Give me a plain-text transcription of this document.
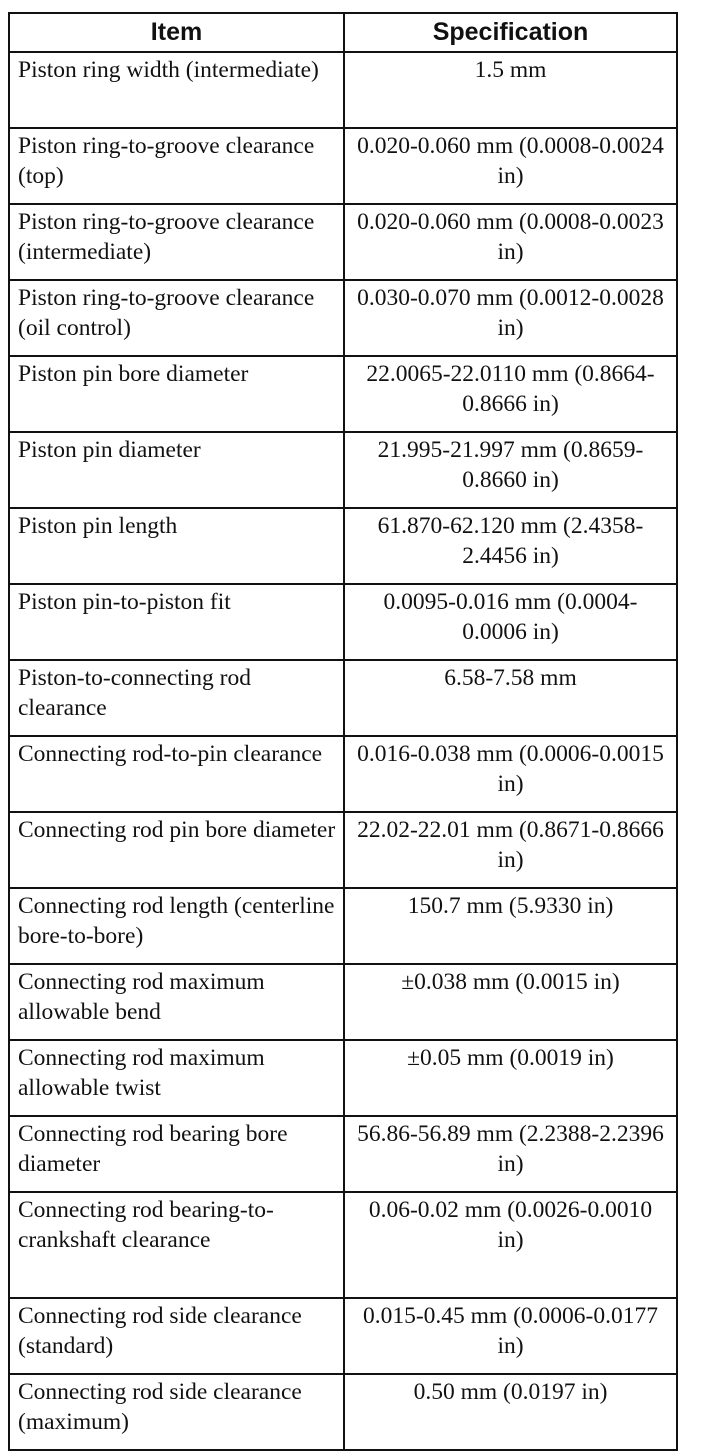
Item	Specification
Piston ring width (intermediate)	1.5 mm
Piston ring-to-groove clearance (top)	0.020-0.060 mm (0.0008-0.0024 in)
Piston ring-to-groove clearance (intermediate)	0.020-0.060 mm (0.0008-0.0023 in)
Piston ring-to-groove clearance (oil control)	0.030-0.070 mm (0.0012-0.0028 in)
Piston pin bore diameter	22.0065-22.0110 mm (0.8664-0.8666 in)
Piston pin diameter	21.995-21.997 mm (0.8659-0.8660 in)
Piston pin length	61.870-62.120 mm (2.4358-2.4456 in)
Piston pin-to-piston fit	0.0095-0.016 mm (0.0004-0.0006 in)
Piston-to-connecting rod clearance	6.58-7.58 mm
Connecting rod-to-pin clearance	0.016-0.038 mm (0.0006-0.0015 in)
Connecting rod pin bore diameter	22.02-22.01 mm (0.8671-0.8666 in)
Connecting rod length (centerline bore-to-bore)	150.7 mm (5.9330 in)
Connecting rod maximum allowable bend	±0.038 mm (0.0015 in)
Connecting rod maximum allowable twist	±0.05 mm (0.0019 in)
Connecting rod bearing bore diameter	56.86-56.89 mm (2.2388-2.2396 in)
Connecting rod bearing-to-crankshaft clearance	0.06-0.02 mm (0.0026-0.0010 in)
Connecting rod side clearance (standard)	0.015-0.45 mm (0.0006-0.0177 in)
Connecting rod side clearance (maximum)	0.50 mm (0.0197 in)
